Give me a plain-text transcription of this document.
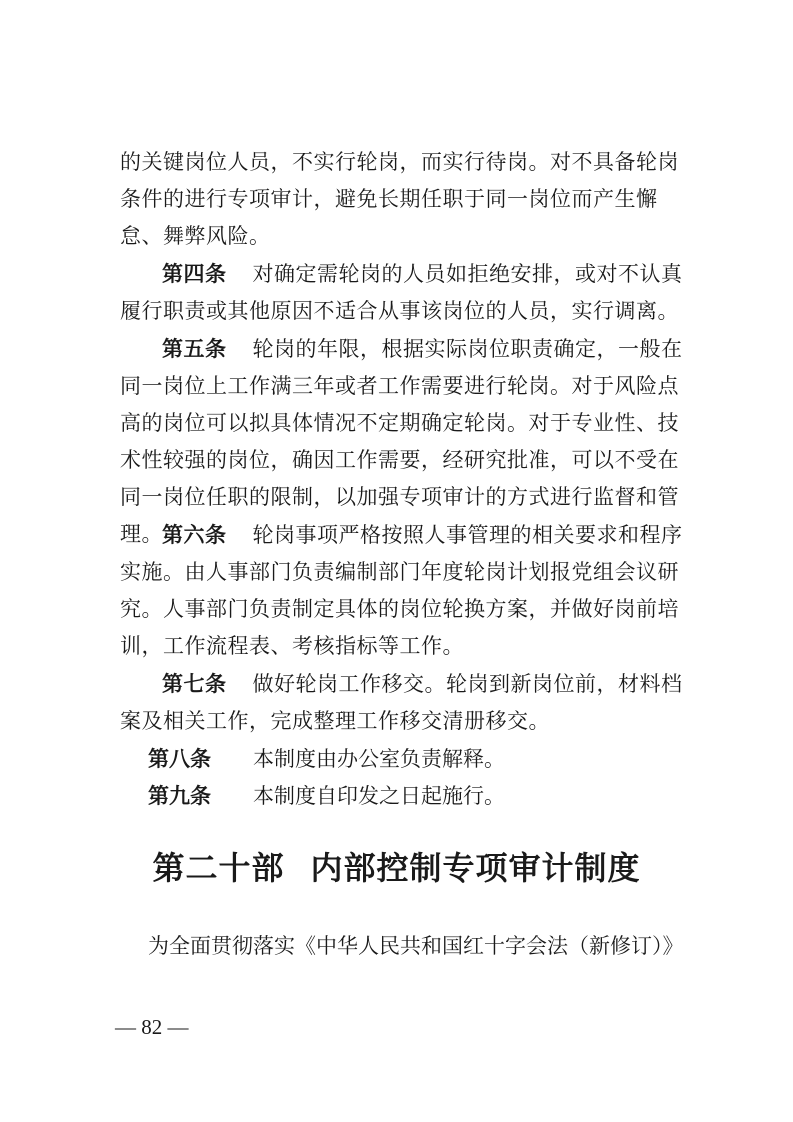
的关键岗位人员，不实行轮岗，而实行待岗。对不具备轮岗条件的进行专项审计，避免长期任职于同一岗位而产生懈怠、舞弊风险。

第四条 对确定需轮岗的人员如拒绝安排，或对不认真履行职责或其他原因不适合从事该岗位的人员，实行调离。

第五条 轮岗的年限，根据实际岗位职责确定，一般在同一岗位上工作满三年或者工作需要进行轮岗。对于风险点高的岗位可以拟具体情况不定期确定轮岗。对于专业性、技术性较强的岗位，确因工作需要，经研究批准，可以不受在同一岗位任职的限制，以加强专项审计的方式进行监督和管理。 第六条 轮岗事项严格按照人事管理的相关要求和程序实施。由人事部门负责编制部门年度轮岗计划报党组会议研究。人事部门负责制定具体的岗位轮换方案，并做好岗前培训，工作流程表、考核指标等工作。

第七条 做好轮岗工作移交。轮岗到新岗位前，材料档案及相关工作，完成整理工作移交清册移交。

第八条 本制度由办公室负责解释。

第九条 本制度自印发之日起施行。

第二十部 内部控制专项审计制度

为全面贯彻落实《中华人民共和国红十字会法（新修订）》

— 82 —
